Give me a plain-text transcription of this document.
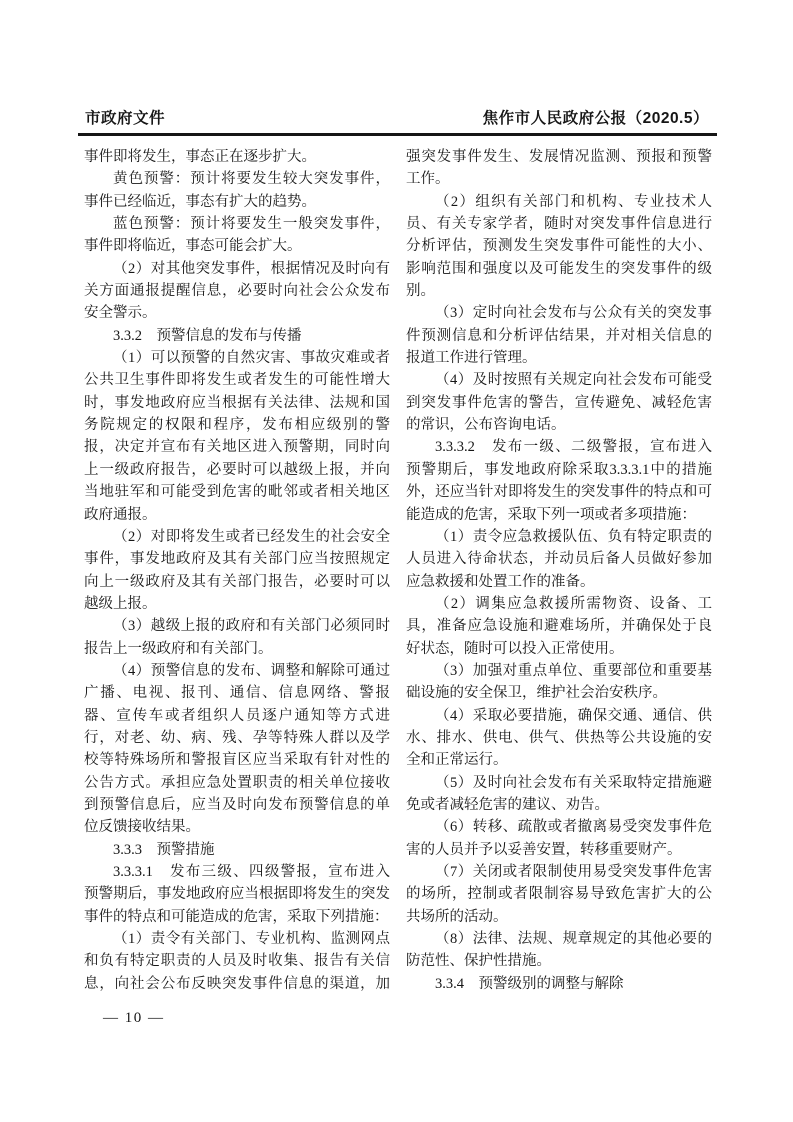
市政府文件	焦作市人民政府公报（2020.5）
事件即将发生，事态正在逐步扩大。
黄色预警：预计将要发生较大突发事件，
事件已经临近，事态有扩大的趋势。
蓝色预警：预计将要发生一般突发事件，
事件即将临近，事态可能会扩大。
（2）对其他突发事件，根据情况及时向有
关方面通报提醒信息，必要时向社会公众发布
安全警示。
3.3.2　预警信息的发布与传播
（1）可以预警的自然灾害、事故灾难或者
公共卫生事件即将发生或者发生的可能性增大
时，事发地政府应当根据有关法律、法规和国
务院规定的权限和程序，发布相应级别的警
报，决定并宣布有关地区进入预警期，同时向
上一级政府报告，必要时可以越级上报，并向
当地驻军和可能受到危害的毗邻或者相关地区
政府通报。
（2）对即将发生或者已经发生的社会安全
事件，事发地政府及其有关部门应当按照规定
向上一级政府及其有关部门报告，必要时可以
越级上报。
（3）越级上报的政府和有关部门必须同时
报告上一级政府和有关部门。
（4）预警信息的发布、调整和解除可通过
广播、电视、报刊、通信、信息网络、警报
器、宣传车或者组织人员逐户通知等方式进
行，对老、幼、病、残、孕等特殊人群以及学
校等特殊场所和警报盲区应当采取有针对性的
公告方式。承担应急处置职责的相关单位接收
到预警信息后，应当及时向发布预警信息的单
位反馈接收结果。
3.3.3　预警措施
3.3.3.1　发布三级、四级警报，宣布进入
预警期后，事发地政府应当根据即将发生的突发
事件的特点和可能造成的危害，采取下列措施：
（1）责令有关部门、专业机构、监测网点
和负有特定职责的人员及时收集、报告有关信
息，向社会公布反映突发事件信息的渠道，加
强突发事件发生、发展情况监测、预报和预警
工作。
（2）组织有关部门和机构、专业技术人
员、有关专家学者，随时对突发事件信息进行
分析评估，预测发生突发事件可能性的大小、
影响范围和强度以及可能发生的突发事件的级
别。
（3）定时向社会发布与公众有关的突发事
件预测信息和分析评估结果，并对相关信息的
报道工作进行管理。
（4）及时按照有关规定向社会发布可能受
到突发事件危害的警告，宣传避免、减轻危害
的常识，公布咨询电话。
3.3.3.2　发布一级、二级警报，宣布进入
预警期后，事发地政府除采取3.3.3.1中的措施
外，还应当针对即将发生的突发事件的特点和可
能造成的危害，采取下列一项或者多项措施：
（1）责令应急救援队伍、负有特定职责的
人员进入待命状态，并动员后备人员做好参加
应急救援和处置工作的准备。
（2）调集应急救援所需物资、设备、工
具，准备应急设施和避难场所，并确保处于良
好状态，随时可以投入正常使用。
（3）加强对重点单位、重要部位和重要基
础设施的安全保卫，维护社会治安秩序。
（4）采取必要措施，确保交通、通信、供
水、排水、供电、供气、供热等公共设施的安
全和正常运行。
（5）及时向社会发布有关采取特定措施避
免或者减轻危害的建议、劝告。
（6）转移、疏散或者撤离易受突发事件危
害的人员并予以妥善安置，转移重要财产。
（7）关闭或者限制使用易受突发事件危害
的场所，控制或者限制容易导致危害扩大的公
共场所的活动。
（8）法律、法规、规章规定的其他必要的
防范性、保护性措施。
3.3.4　预警级别的调整与解除
— 10 —
